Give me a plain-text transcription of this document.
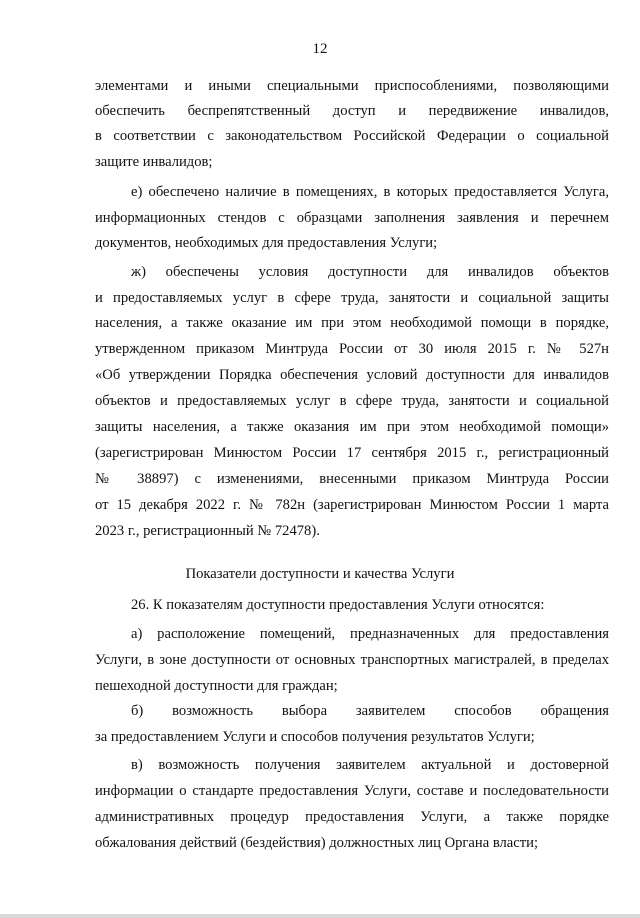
12
элементами и иными специальными приспособлениями, позволяющими
обеспечить беспрепятственный доступ и передвижение инвалидов,
в соответствии с законодательством Российской Федерации о социальной
защите инвалидов;
е) обеспечено наличие в помещениях, в которых предоставляется Услуга,
информационных стендов с образцами заполнения заявления и перечнем
документов, необходимых для предоставления Услуги;
ж) обеспечены условия доступности для инвалидов объектов
и предоставляемых услуг в сфере труда, занятости и социальной защиты
населения, а также оказание им при этом необходимой помощи в порядке,
утвержденном приказом Минтруда России от 30 июля 2015 г. № 527н
«Об утверждении Порядка обеспечения условий доступности для инвалидов
объектов и предоставляемых услуг в сфере труда, занятости и социальной
защиты населения, а также оказания им при этом необходимой помощи»
(зарегистрирован Минюстом России 17 сентября 2015 г., регистрационный
№ 38897) с изменениями, внесенными приказом Минтруда России
от 15 декабря 2022 г. № 782н (зарегистрирован Минюстом России 1 марта
2023 г., регистрационный № 72478).
Показатели доступности и качества Услуги
26. К показателям доступности предоставления Услуги относятся:
а) расположение помещений, предназначенных для предоставления
Услуги, в зоне доступности от основных транспортных магистралей, в пределах
пешеходной доступности для граждан;
б) возможность выбора заявителем способов обращения
за предоставлением Услуги и способов получения результатов Услуги;
в) возможность получения заявителем актуальной и достоверной
информации о стандарте предоставления Услуги, составе и последовательности
административных процедур предоставления Услуги, а также порядке
обжалования действий (бездействия) должностных лиц Органа власти;
